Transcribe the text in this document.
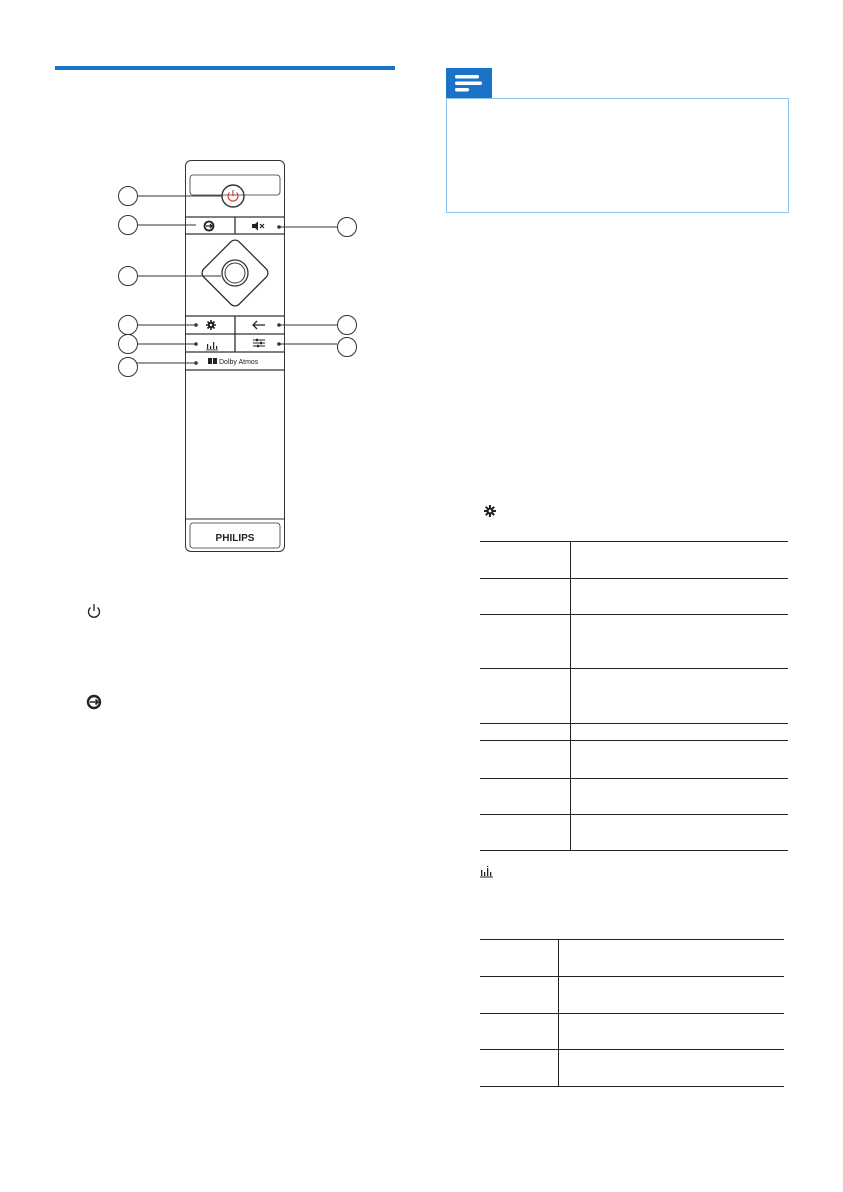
Dolby Atmos
PHILIPS
